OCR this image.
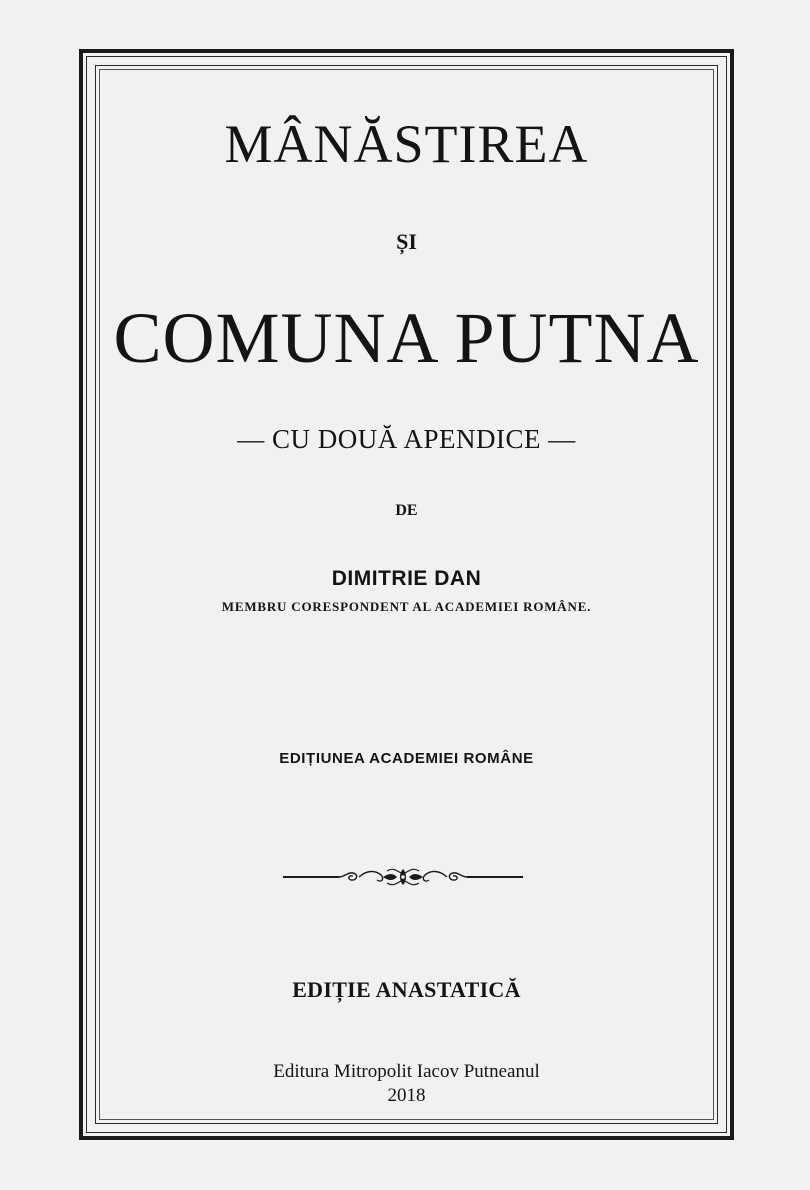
MÂNĂSTIREA
ȘI
COMUNA PUTNA
— CU DOUĂ APENDICE —
DE
DIMITRIE DAN
MEMBRU CORESPONDENT AL ACADEMIEI ROMÂNE.
EDIȚIUNEA ACADEMIEI ROMÂNE
EDIȚIE ANASTATICĂ
Editura Mitropolit Iacov Putneanul
2018
